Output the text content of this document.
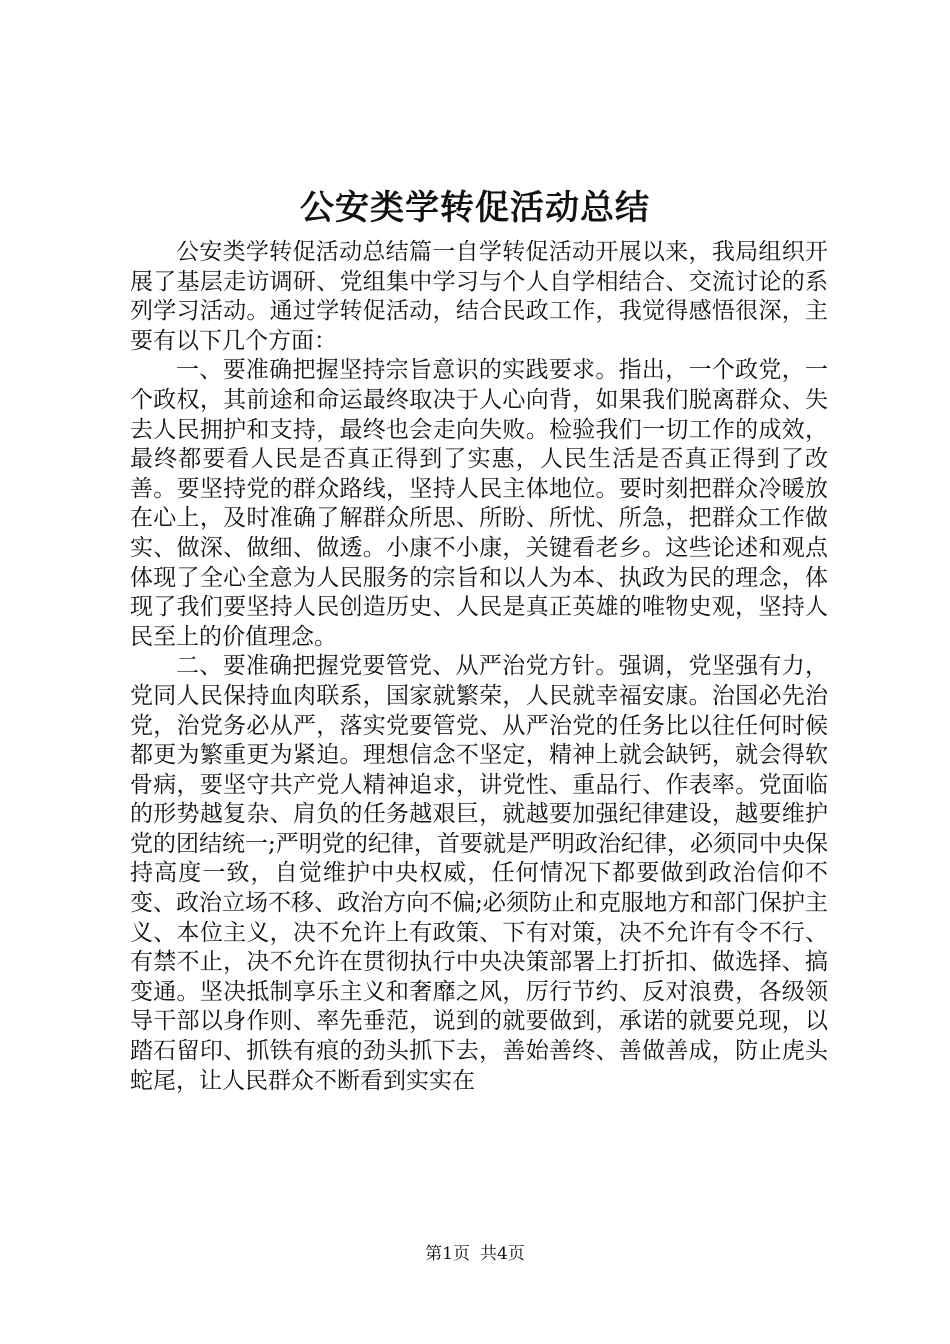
公安类学转促活动总结

公安类学转促活动总结篇一自学转促活动开展以来，我局组织开展了基层走访调研、党组集中学习与个人自学相结合、交流讨论的系列学习活动。通过学转促活动，结合民政工作，我觉得感悟很深，主要有以下几个方面：

一、要准确把握坚持宗旨意识的实践要求。指出，一个政党，一个政权，其前途和命运最终取决于人心向背，如果我们脱离群众、失去人民拥护和支持，最终也会走向失败。检验我们一切工作的成效，最终都要看人民是否真正得到了实惠，人民生活是否真正得到了改善。要坚持党的群众路线，坚持人民主体地位。要时刻把群众冷暖放在心上，及时准确了解群众所思、所盼、所忧、所急，把群众工作做实、做深、做细、做透。小康不小康，关键看老乡。这些论述和观点体现了全心全意为人民服务的宗旨和以人为本、执政为民的理念，体现了我们要坚持人民创造历史、人民是真正英雄的唯物史观，坚持人民至上的价值理念。

二、要准确把握党要管党、从严治党方针。强调，党坚强有力，党同人民保持血肉联系，国家就繁荣，人民就幸福安康。治国必先治党，治党务必从严，落实党要管党、从严治党的任务比以往任何时候都更为繁重更为紧迫。理想信念不坚定，精神上就会缺钙，就会得软骨病，要坚守共产党人精神追求，讲党性、重品行、作表率。党面临的形势越复杂、肩负的任务越艰巨，就越要加强纪律建设，越要维护党的团结统一;严明党的纪律，首要就是严明政治纪律，必须同中央保持高度一致，自觉维护中央权威，任何情况下都要做到政治信仰不变、政治立场不移、政治方向不偏;必须防止和克服地方和部门保护主义、本位主义，决不允许上有政策、下有对策，决不允许有令不行、有禁不止，决不允许在贯彻执行中央决策部署上打折扣、做选择、搞变通。坚决抵制享乐主义和奢靡之风，厉行节约、反对浪费，各级领导干部以身作则、率先垂范，说到的就要做到，承诺的就要兑现，以踏石留印、抓铁有痕的劲头抓下去，善始善终、善做善成，防止虎头蛇尾，让人民群众不断看到实实在

第1页 共4页
